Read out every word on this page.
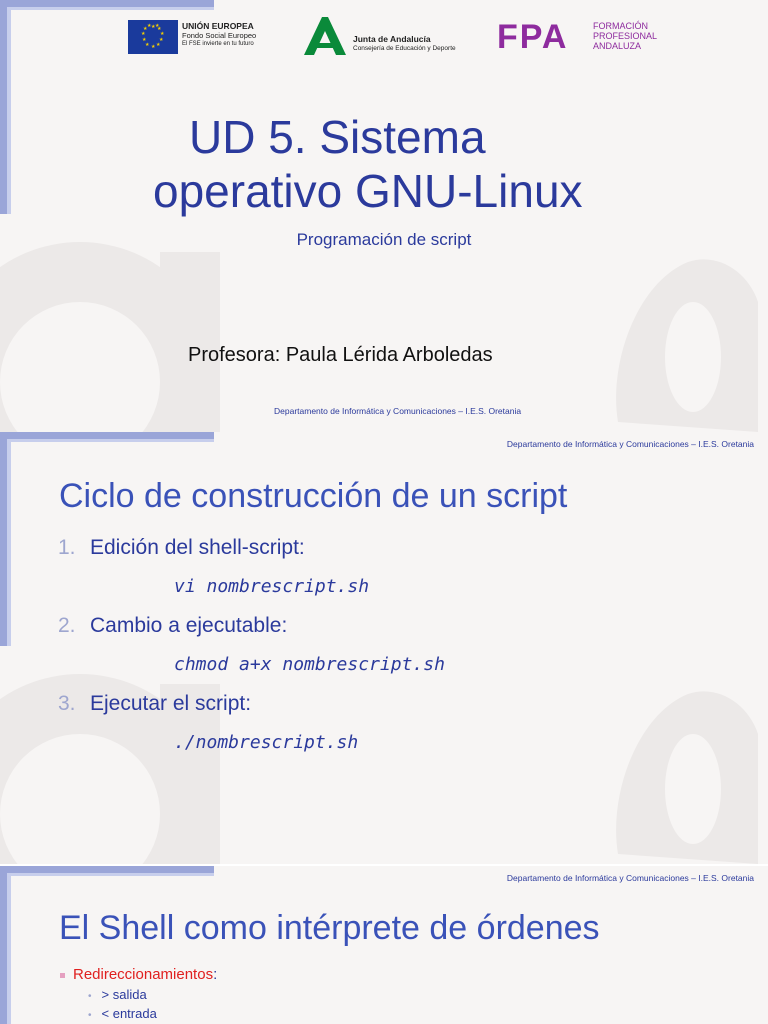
★ ★
★
★
★
★
★
★
★
★ ★ ★	UNIÓN EUROPEA
Fondo Social Europeo
El FSE invierte en tu futuro	Junta de Andalucía
Consejería de Educación y Deporte FPA	FORMACIÓN
PROFESIONAL
ANDALUZA
UD 5. Sistema
operativo GNU-Linux
Programación de script
Profesora: Paula Lérida Arboledas
Departamento de Informática y Comunicaciones – I.E.S. Oretania
Departamento de Informática y Comunicaciones – I.E.S. Oretania
Ciclo de construcción de un script
1. Edición del shell-script:
vi nombrescript.sh
2. Cambio a ejecutable:
chmod a+x nombrescript.sh
3. Ejecutar el script:
./nombrescript.sh
Departamento de Informática y Comunicaciones – I.E.S. Oretania
El Shell como intérprete de órdenes
Redireccionamientos:
• > salida
• < entrada
